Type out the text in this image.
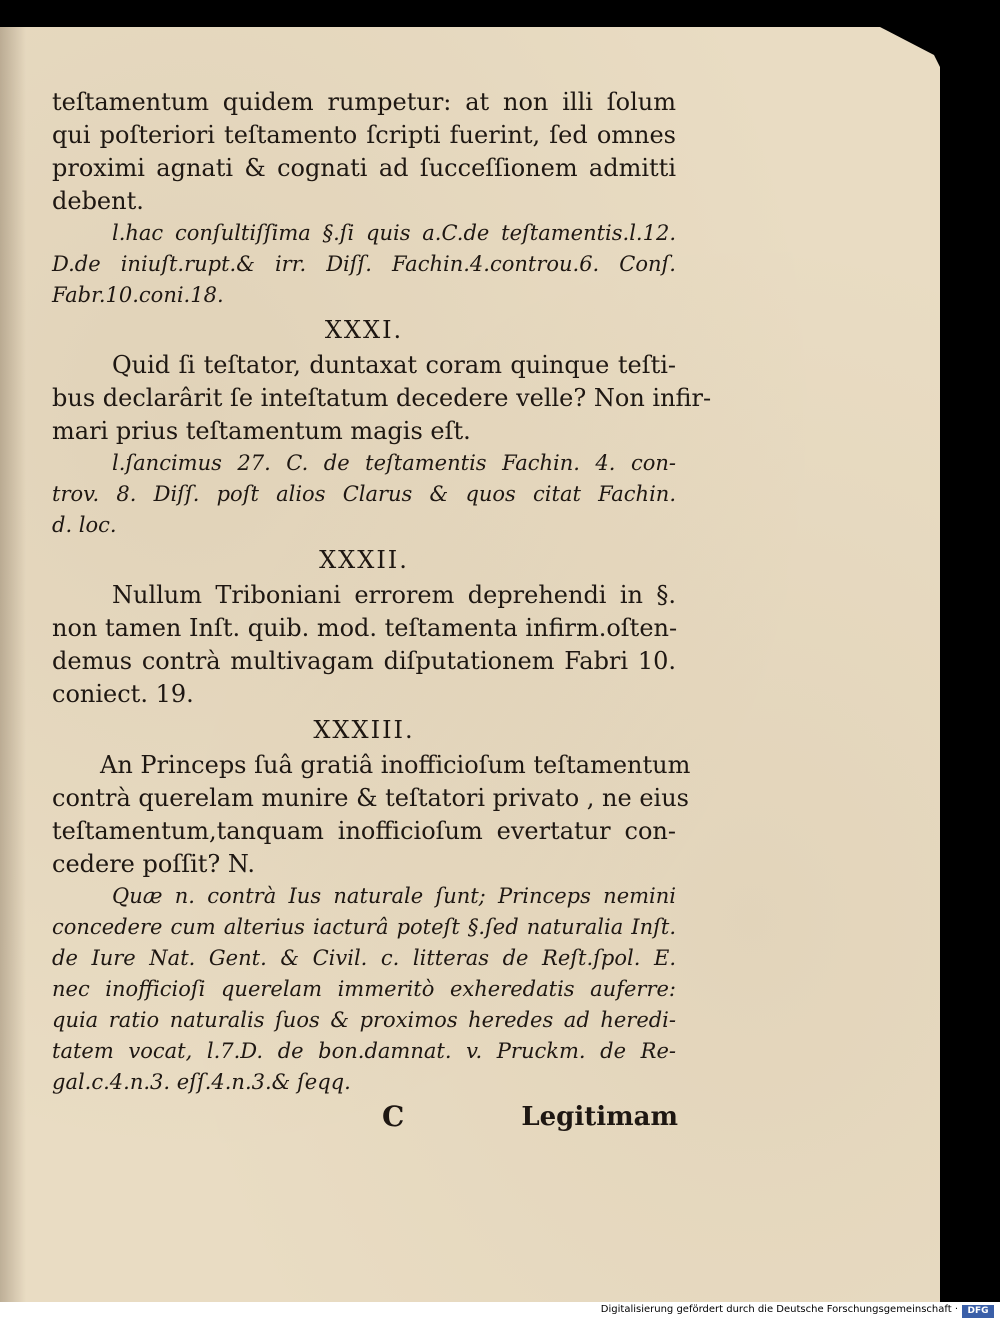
teſtamentum quidem rumpetur: at non illi ſolum
qui poſteriori teſtamento ſcripti fuerint, ſed omnes
proximi agnati & cognati ad ſucceſſionem admitti
debent.
l.hac conſultiſſima §.ſi quis a.C.de teſtamentis.l.12.
D.de iniuſt.rupt.& irr. Diſſ. Fachin.4.controu.6. Conſ.
Fabr.10.coni.18.
XXXI.
Quid ſi teſtator, duntaxat coram quinque teſti-
bus declarârit ſe inteſtatum decedere velle? Non infir-
mari prius teſtamentum magis eſt.
l.ſancimus 27. C. de teſtamentis Fachin. 4. con-
trov. 8. Diſſ. poſt alios Clarus & quos citat Fachin.
d. loc.
XXXII.
Nullum Triboniani errorem deprehendi in §.
non tamen Inſt. quib. mod. teſtamenta infirm.oſten-
demus contrà multivagam diſputationem Fabri 10.
coniect. 19.
XXXIII.
An Princeps ſuâ gratiâ inofficioſum teſtamentum
contrà querelam munire & teſtatori privato , ne eius
teſtamentum,tanquam inofficioſum evertatur con-
cedere poſſit? N.
Quæ n. contrà Ius naturale ſunt; Princeps nemini
concedere cum alterius iacturâ poteſt §.ſed naturalia Inſt.
de Iure Nat. Gent. & Civil. c. litteras de Reſt.ſpol. E.
nec inofficioſi querelam immeritò exheredatis auferre:
quia ratio naturalis ſuos & proximos heredes ad heredi-
tatem vocat, l.7.D. de bon.damnat. v. Pruckm. de Re-
gal.c.4.n.3. eſſ.4.n.3.& ſeqq.
C	Legitimam
Digitalisierung gefördert durch die Deutsche Forschungsgemeinschaft ·	DFG
